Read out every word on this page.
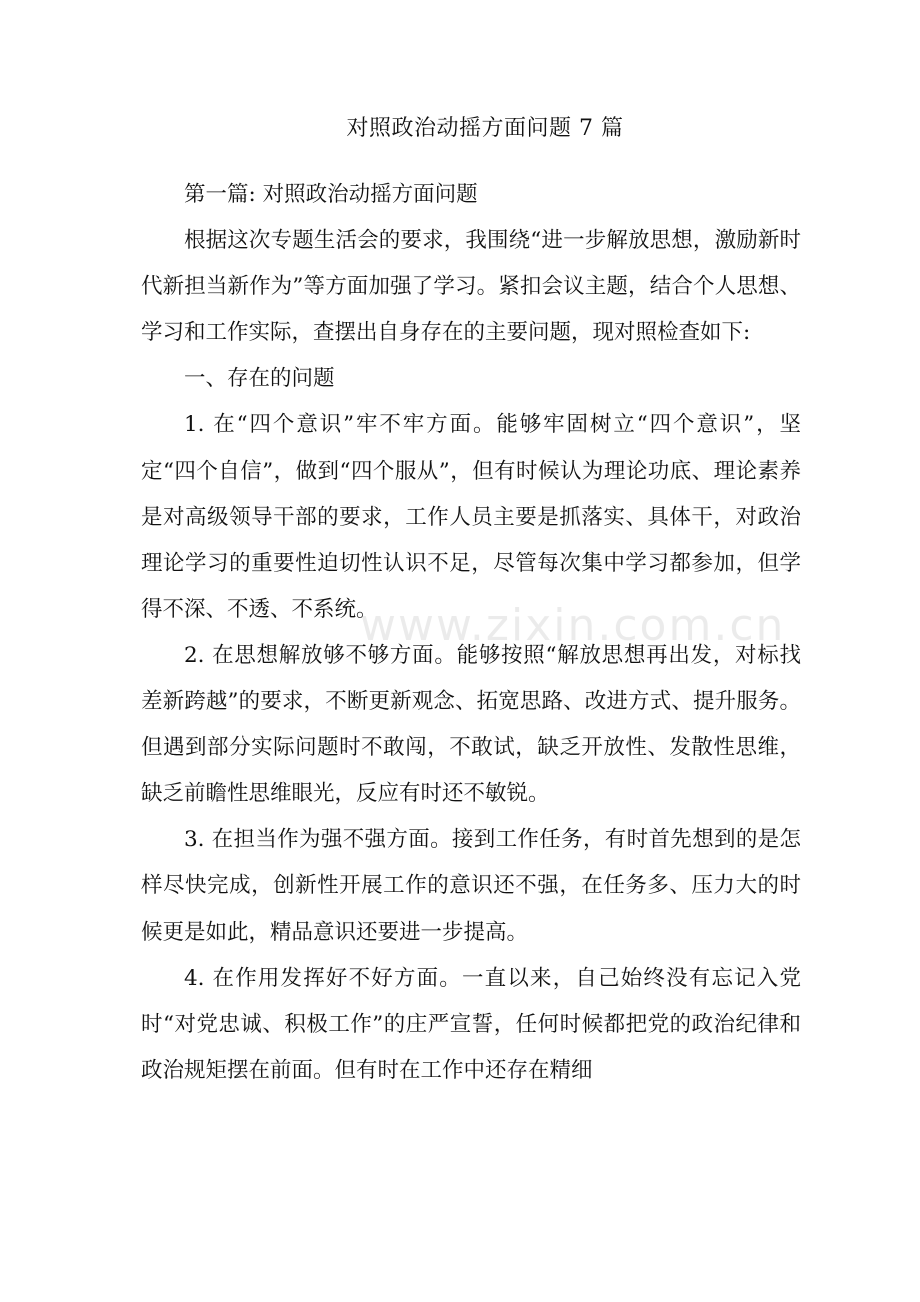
对照政治动摇方面问题 7 篇

第一篇: 对照政治动摇方面问题

根据这次专题生活会的要求，我围绕“进一步解放思想，激励新时代新担当新作为”等方面加强了学习。紧扣会议主题，结合个人思想、学习和工作实际，查摆出自身存在的主要问题，现对照检查如下:

一、存在的问题

1. 在“四个意识”牢不牢方面。能够牢固树立“四个意识”，坚定“四个自信”，做到“四个服从”，但有时候认为理论功底、理论素养是对高级领导干部的要求，工作人员主要是抓落实、具体干，对政治理论学习的重要性迫切性认识不足，尽管每次集中学习都参加，但学得不深、不透、不系统。

2. 在思想解放够不够方面。能够按照“解放思想再出发，对标找差新跨越”的要求，不断更新观念、拓宽思路、改进方式、提升服务。但遇到部分实际问题时不敢闯，不敢试，缺乏开放性、发散性思维，缺乏前瞻性思维眼光，反应有时还不敏锐。

3. 在担当作为强不强方面。接到工作任务，有时首先想到的是怎样尽快完成，创新性开展工作的意识还不强，在任务多、压力大的时候更是如此，精品意识还要进一步提高。

4. 在作用发挥好不好方面。一直以来，自己始终没有忘记入党时“对党忠诚、积极工作”的庄严宣誓，任何时候都把党的政治纪律和政治规矩摆在前面。但有时在工作中还存在精细

www.zixin.com.cn
